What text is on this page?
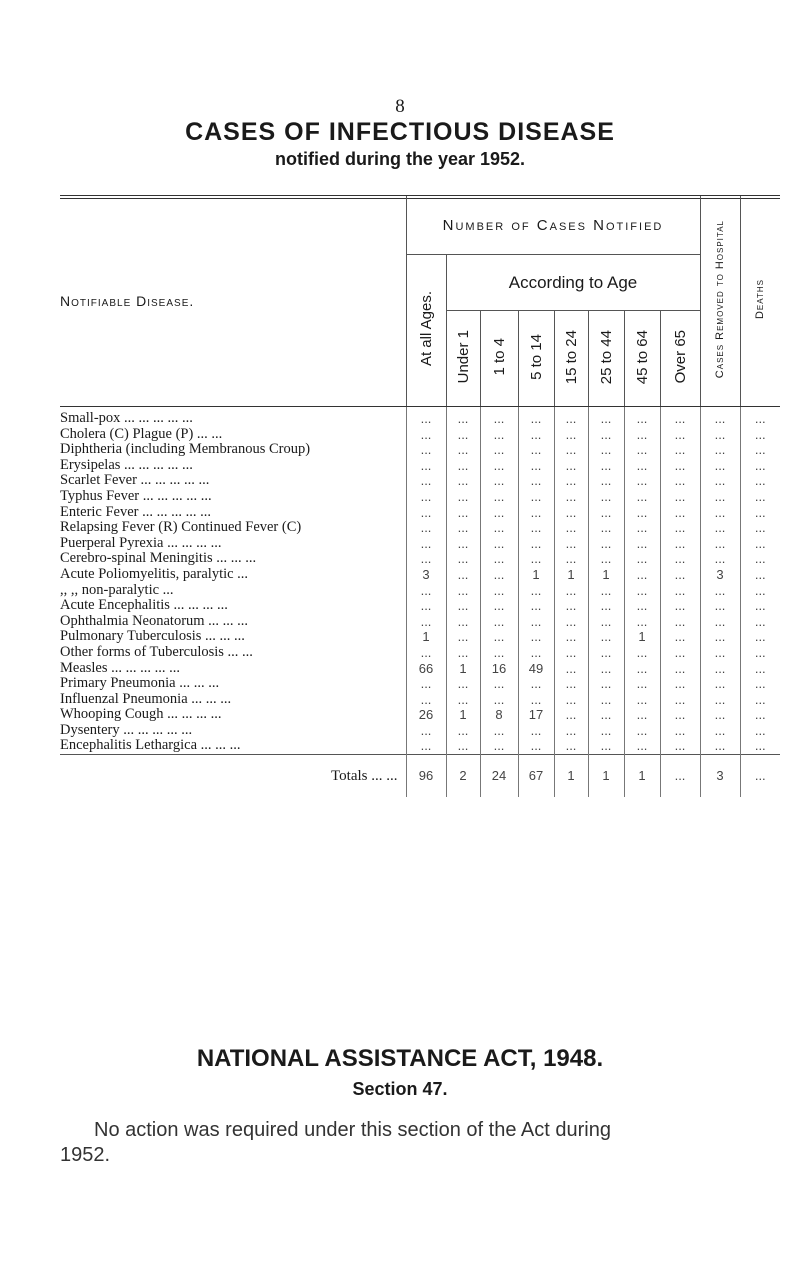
8
CASES OF INFECTIOUS DISEASE
notified during the year 1952.
Notifiable Disease.	Number of Cases Notified								Cases Removed to Hospital	Deaths
	At all Ages.	According to Age								
		Under 1	1 to 4	5 to 14	15 to 24	25 to 44	45 to 64	Over 65		
Small-pox ... ... ... ... ...	...	...	...	...	...	...	...	...	...	...
Cholera (C) Plague (P) ... ...	...	...	...	...	...	...	...	...	...	...
Diphtheria (including Membranous Croup)	...	...	...	...	...	...	...	...	...	...
Erysipelas ... ... ... ... ...	...	...	...	...	...	...	...	...	...	...
Scarlet Fever ... ... ... ... ...	...	...	...	...	...	...	...	...	...	...
Typhus Fever ... ... ... ... ...	...	...	...	...	...	...	...	...	...	...
Enteric Fever ... ... ... ... ...	...	...	...	...	...	...	...	...	...	...
Relapsing Fever (R) Continued Fever (C)	...	...	...	...	...	...	...	...	...	...
Puerperal Pyrexia ... ... ... ...	...	...	...	...	...	...	...	...	...	...
Cerebro-spinal Meningitis ... ... ...	...	...	...	...	...	...	...	...	...	...
Acute Poliomyelitis, paralytic ...	3	...	...	1	1	1	...	...	3	...
,, ,, non-paralytic ...	...	...	...	...	...	...	...	...	...	...
Acute Encephalitis ... ... ... ...	...	...	...	...	...	...	...	...	...	...
Ophthalmia Neonatorum ... ... ...	...	...	...	...	...	...	...	...	...	...
Pulmonary Tuberculosis ... ... ...	1	...	...	...	...	...	1	...	...	...
Other forms of Tuberculosis ... ...	...	...	...	...	...	...	...	...	...	...
Measles ... ... ... ... ...	66	1	16	49	...	...	...	...	...	...
Primary Pneumonia ... ... ...	...	...	...	...	...	...	...	...	...	...
Influenzal Pneumonia ... ... ...	...	...	...	...	...	...	...	...	...	...
Whooping Cough ... ... ... ...	26	1	8	17	...	...	...	...	...	...
Dysentery ... ... ... ... ...	...	...	...	...	...	...	...	...	...	...
Encephalitis Lethargica ... ... ...	...	...	...	...	...	...	...	...	...	...
Totals ... ...	96	2	24	67	1	1	1	...	3	...
NATIONAL ASSISTANCE ACT, 1948.
Section 47.
No action was required under this section of the Act during
1952.
